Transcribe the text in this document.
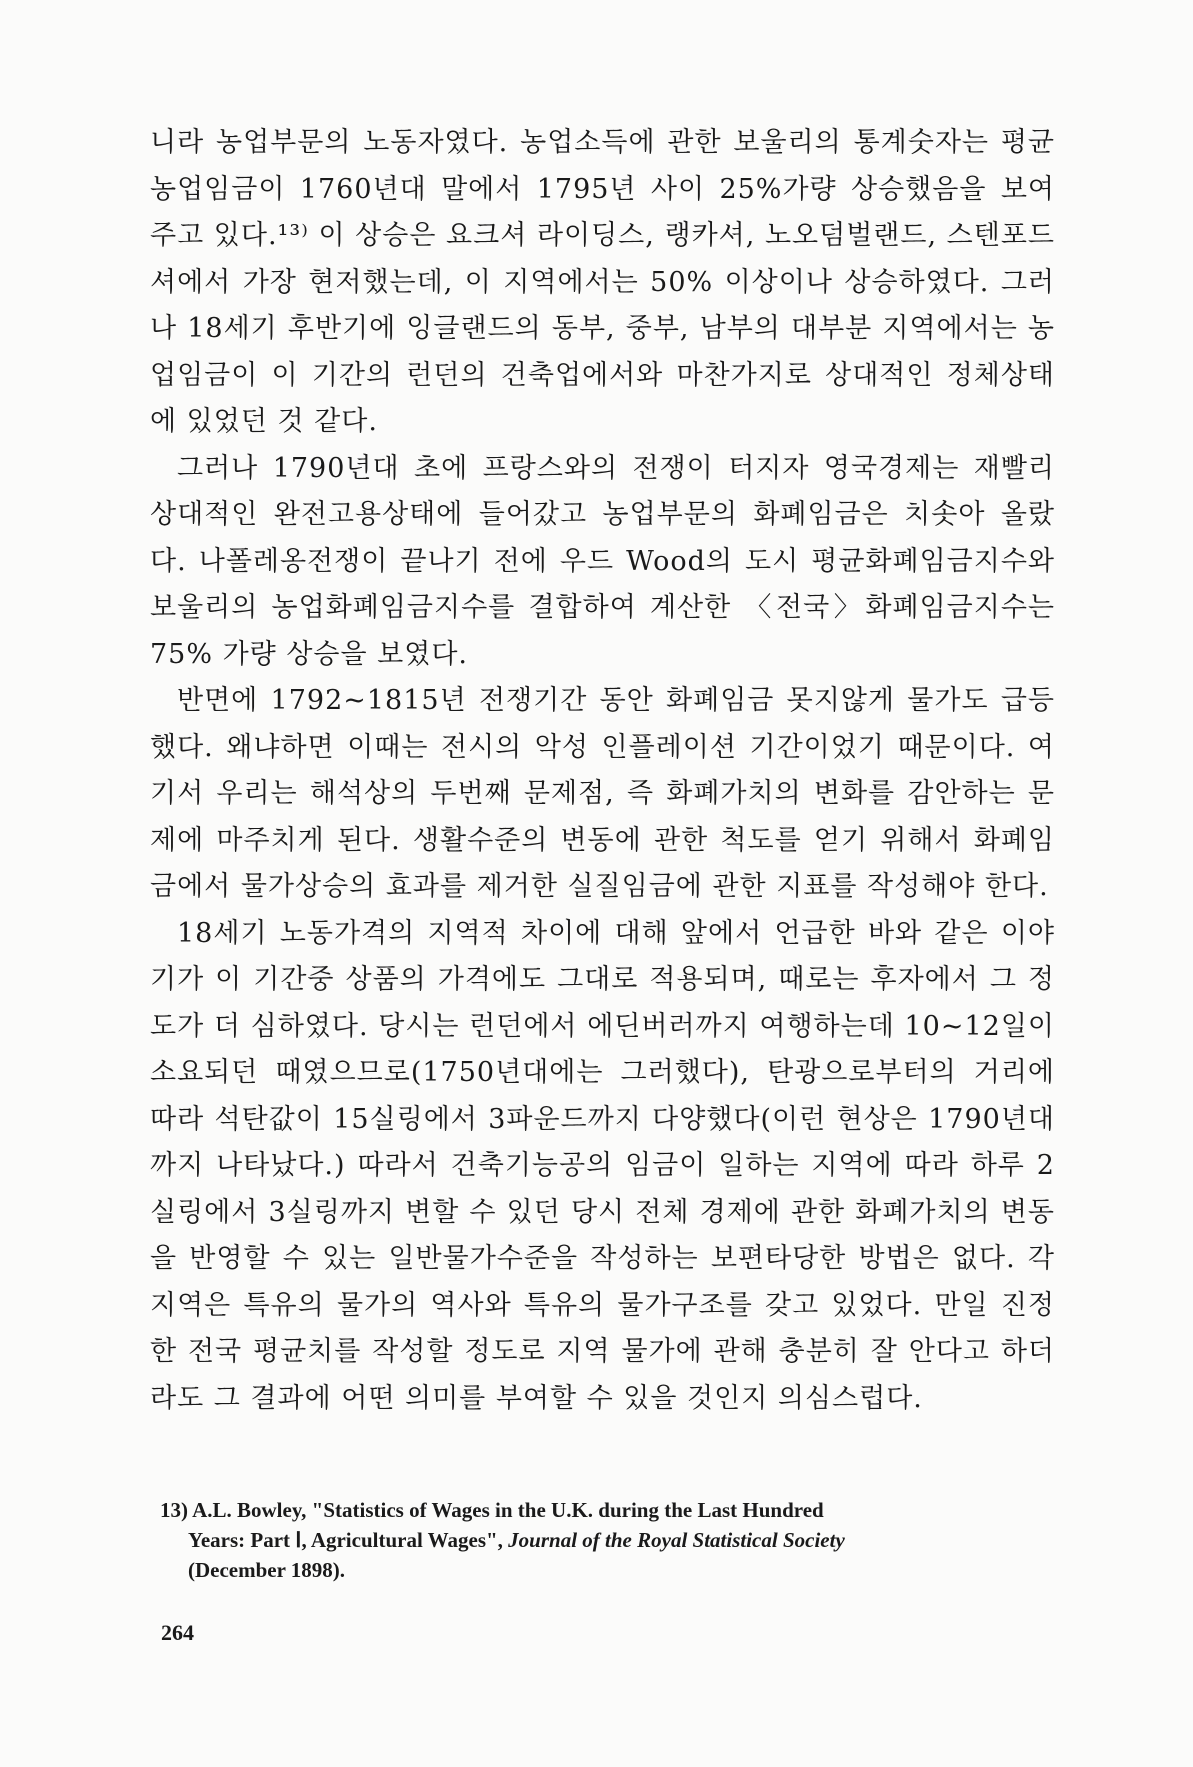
니라 농업부문의 노동자였다. 농업소득에 관한 보울리의 통계숫자는 평균 농업임금이 1760년대 말에서 1795년 사이 25%가량 상승했음을 보여 주고 있다.¹³⁾ 이 상승은 요크셔 라이딩스, 랭카셔, 노오덤벌랜드, 스텐포드셔에서 가장 현저했는데, 이 지역에서는 50% 이상이나 상승하였다. 그러나 18세기 후반기에 잉글랜드의 동부, 중부, 남부의 대부분 지역에서는 농업임금이 이 기간의 런던의 건축업에서와 마찬가지로 상대적인 정체상태에 있었던 것 같다.

그러나 1790년대 초에 프랑스와의 전쟁이 터지자 영국경제는 재빨리 상대적인 완전고용상태에 들어갔고 농업부문의 화폐임금은 치솟아 올랐다. 나폴레옹전쟁이 끝나기 전에 우드 Wood의 도시 평균화폐임금지수와 보울리의 농업화폐임금지수를 결합하여 계산한 〈전국〉화폐임금지수는 75% 가량 상승을 보였다.

반면에 1792~1815년 전쟁기간 동안 화폐임금 못지않게 물가도 급등했다. 왜냐하면 이때는 전시의 악성 인플레이션 기간이었기 때문이다. 여기서 우리는 해석상의 두번째 문제점, 즉 화폐가치의 변화를 감안하는 문제에 마주치게 된다. 생활수준의 변동에 관한 척도를 얻기 위해서 화폐임금에서 물가상승의 효과를 제거한 실질임금에 관한 지표를 작성해야 한다.

18세기 노동가격의 지역적 차이에 대해 앞에서 언급한 바와 같은 이야기가 이 기간중 상품의 가격에도 그대로 적용되며, 때로는 후자에서 그 정도가 더 심하였다. 당시는 런던에서 에딘버러까지 여행하는데 10~12일이 소요되던 때였으므로(1750년대에는 그러했다), 탄광으로부터의 거리에 따라 석탄값이 15실링에서 3파운드까지 다양했다(이런 현상은 1790년대까지 나타났다.) 따라서 건축기능공의 임금이 일하는 지역에 따라 하루 2실링에서 3실링까지 변할 수 있던 당시 전체 경제에 관한 화폐가치의 변동을 반영할 수 있는 일반물가수준을 작성하는 보편타당한 방법은 없다. 각 지역은 특유의 물가의 역사와 특유의 물가구조를 갖고 있었다. 만일 진정한 전국 평균치를 작성할 정도로 지역 물가에 관해 충분히 잘 안다고 하더라도 그 결과에 어떤 의미를 부여할 수 있을 것인지 의심스럽다.

13) A.L. Bowley, "Statistics of Wages in the U.K. during the Last Hundred
Years: Part Ⅰ, Agricultural Wages", Journal of the Royal Statistical Society
(December 1898).
264
